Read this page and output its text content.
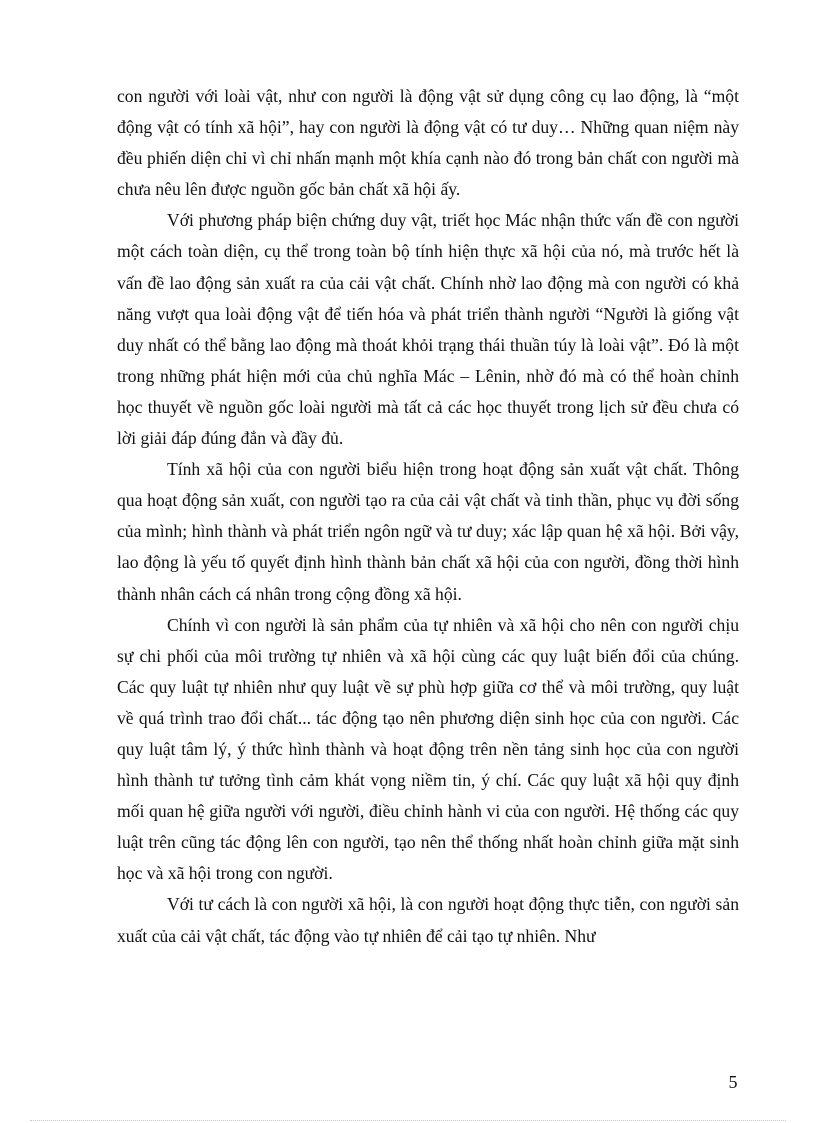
con người với loài vật, như con người là động vật sử dụng công cụ lao động, là “một động vật có tính xã hội”, hay con người là động vật có tư duy… Những quan niệm này đều phiến diện chỉ vì chỉ nhấn mạnh một khía cạnh nào đó trong bản chất con người mà chưa nêu lên được nguồn gốc bản chất xã hội ấy.

Với phương pháp biện chứng duy vật, triết học Mác nhận thức vấn đề con người một cách toàn diện, cụ thể trong toàn bộ tính hiện thực xã hội của nó, mà trước hết là vấn đề lao động sản xuất ra của cải vật chất. Chính nhờ lao động mà con người có khả năng vượt qua loài động vật để tiến hóa và phát triển thành người “Người là giống vật duy nhất có thể bằng lao động mà thoát khỏi trạng thái thuần túy là loài vật”. Đó là một trong những phát hiện mới của chủ nghĩa Mác – Lênin, nhờ đó mà có thể hoàn chỉnh học thuyết về nguồn gốc loài người mà tất cả các học thuyết trong lịch sử đều chưa có lời giải đáp đúng đắn và đầy đủ.

Tính xã hội của con người biểu hiện trong hoạt động sản xuất vật chất. Thông qua hoạt động sản xuất, con người tạo ra của cải vật chất và tinh thần, phục vụ đời sống của mình; hình thành và phát triển ngôn ngữ và tư duy; xác lập quan hệ xã hội. Bởi vậy, lao động là yếu tố quyết định hình thành bản chất xã hội của con người, đồng thời hình thành nhân cách cá nhân trong cộng đồng xã hội.

Chính vì con người là sản phẩm của tự nhiên và xã hội cho nên con người chịu sự chi phối của môi trường tự nhiên và xã hội cùng các quy luật biến đổi của chúng. Các quy luật tự nhiên như quy luật về sự phù hợp giữa cơ thể và môi trường, quy luật về quá trình trao đổi chất... tác động tạo nên phương diện sinh học của con người. Các quy luật tâm lý, ý thức hình thành và hoạt động trên nền tảng sinh học của con người hình thành tư tưởng tình cảm khát vọng niềm tin, ý chí. Các quy luật xã hội quy định mối quan hệ giữa người với người, điều chỉnh hành vi của con người. Hệ thống các quy luật trên cũng tác động lên con người, tạo nên thể thống nhất hoàn chỉnh giữa mặt sinh học và xã hội trong con người.

Với tư cách là con người xã hội, là con người hoạt động thực tiễn, con người sản xuất của cải vật chất, tác động vào tự nhiên để cải tạo tự nhiên. Như

5
